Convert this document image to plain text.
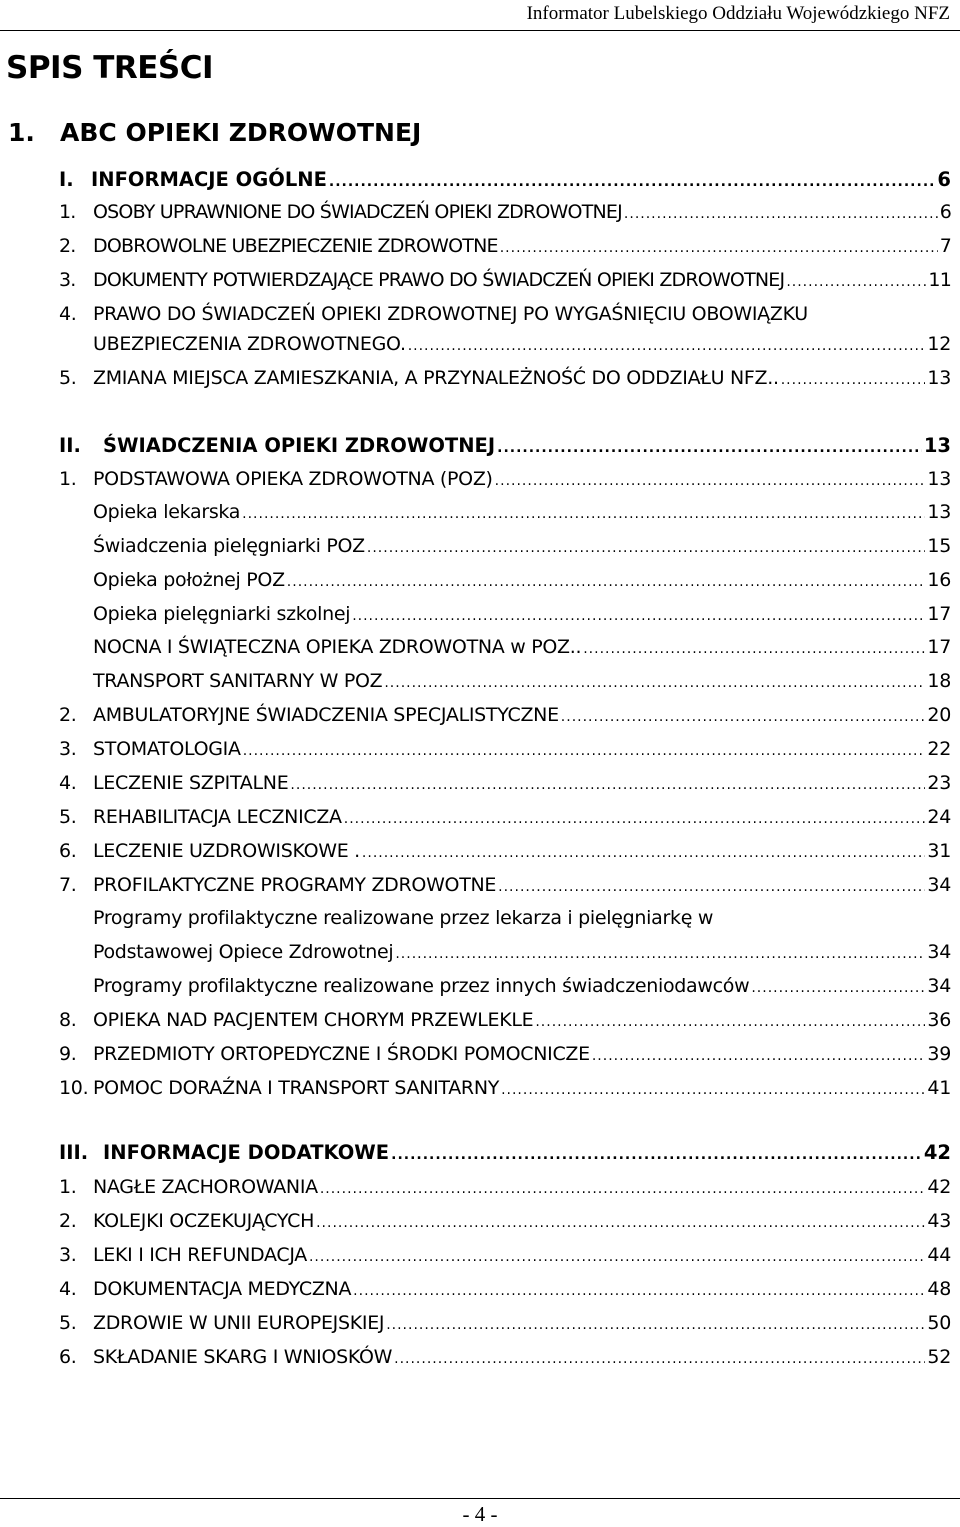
Informator Lubelskiego Oddziału Wojewódzkiego NFZ
SPIS TREŚCI
1. ABC OPIEKI ZDROWOTNEJ
I. INFORMACJE OGÓLNE .....	6
1. OSOBY UPRAWNIONE DO ŚWIADCZEŃ OPIEKI ZDROWOTNEJ .....	6
2. DOBROWOLNE UBEZPIECZENIE ZDROWOTNE .....	7
3. DOKUMENTY POTWIERDZAJĄCE PRAWO DO ŚWIADCZEŃ OPIEKI ZDROWOTNEJ .....	11
4. PRAWO DO ŚWIADCZEŃ OPIEKI ZDROWOTNEJ PO WYGAŚNIĘCIU OBOWIĄZKU
UBEZPIECZENIA ZDROWOTNEGO. .....	12
5. ZMIANA MIEJSCA ZAMIESZKANIA, A PRZYNALEŻNOŚĆ DO ODDZIAŁU NFZ.. .....	13
II.	ŚWIADCZENIA OPIEKI ZDROWOTNEJ .....	13
1. PODSTAWOWA OPIEKA ZDROWOTNA (POZ) .....	13
Opieka lekarska .....	13
Świadczenia pielęgniarki POZ .....	15
Opieka położnej POZ .....	16
Opieka pielęgniarki szkolnej .....	17
NOCNA I ŚWIĄTECZNA OPIEKA ZDROWOTNA w POZ.. .....	17
TRANSPORT SANITARNY W POZ .....	18
2. AMBULATORYJNE ŚWIADCZENIA SPECJALISTYCZNE .....	20
3. STOMATOLOGIA .....	22
4. LECZENIE SZPITALNE .....	23
5. REHABILITACJA LECZNICZA .....	24
6. LECZENIE UZDROWISKOWE . .....	31
7. PROFILAKTYCZNE PROGRAMY ZDROWOTNE .....	34
Programy profilaktyczne realizowane przez lekarza i pielęgniarkę w
Podstawowej Opiece Zdrowotnej .....	34
Programy profilaktyczne realizowane przez innych świadczeniodawców .....	34
8. OPIEKA NAD PACJENTEM CHORYM PRZEWLEKLE .....	36
9. PRZEDMIOTY ORTOPEDYCZNE I ŚRODKI POMOCNICZE .....	39
10. POMOC DORAŹNA I TRANSPORT SANITARNY .....	41
III. INFORMACJE DODATKOWE .....	42
1. NAGŁE ZACHOROWANIA .....	42
2. KOLEJKI OCZEKUJĄCYCH .....	43
3. LEKI I ICH REFUNDACJA .....	44
4. DOKUMENTACJA MEDYCZNA .....	48
5. ZDROWIE W UNII EUROPEJSKIEJ .....	50
6. SKŁADANIE SKARG I WNIOSKÓW .....	52
- 4 -
